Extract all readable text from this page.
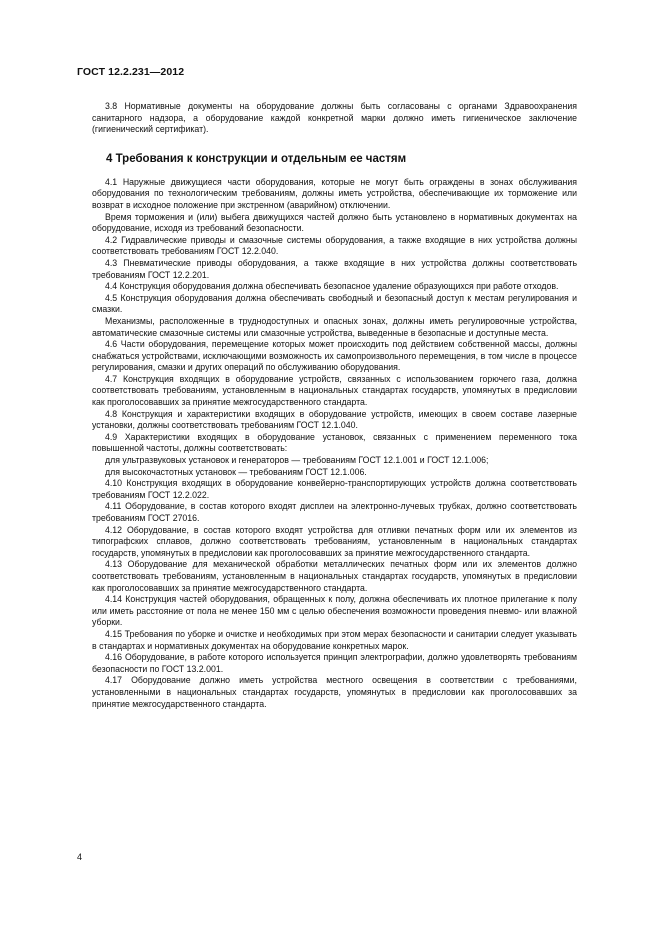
ГОСТ 12.2.231—2012

3.8 Нормативные документы на оборудование должны быть согласованы с органами Здравоохранения санитарного надзора, а оборудование каждой конкретной марки должно иметь гигиеническое заключение (гигиенический сертификат).

4 Требования к конструкции и отдельным ее частям

4.1 Наружные движущиеся части оборудования, которые не могут быть ограждены в зонах обслуживания оборудования по технологическим требованиям, должны иметь устройства, обеспечивающие их торможение или возврат в исходное положение при экстренном (аварийном) отключении.

Время торможения и (или) выбега движущихся частей должно быть установлено в нормативных документах на оборудование, исходя из требований безопасности.

4.2 Гидравлические приводы и смазочные системы оборудования, а также входящие в них устройства должны соответствовать требованиям ГОСТ 12.2.040.

4.3 Пневматические приводы оборудования, а также входящие в них устройства должны соответствовать требованиям ГОСТ 12.2.201.

4.4 Конструкция оборудования должна обеспечивать безопасное удаление образующихся при работе отходов.

4.5 Конструкция оборудования должна обеспечивать свободный и безопасный доступ к местам регулирования и смазки.

Механизмы, расположенные в труднодоступных и опасных зонах, должны иметь регулировочные устройства, автоматические смазочные системы или смазочные устройства, выведенные в безопасные и доступные места.

4.6 Части оборудования, перемещение которых может происходить под действием собственной массы, должны снабжаться устройствами, исключающими возможность их самопроизвольного перемещения, в том числе в процессе регулирования, смазки и других операций по обслуживанию оборудования.

4.7 Конструкция входящих в оборудование устройств, связанных с использованием горючего газа, должна соответствовать требованиям, установленным в национальных стандартах государств, упомянутых в предисловии как проголосовавших за принятие межгосударственного стандарта.

4.8 Конструкция и характеристики входящих в оборудование устройств, имеющих в своем составе лазерные установки, должны соответствовать требованиям ГОСТ 12.1.040.

4.9 Характеристики входящих в оборудование установок, связанных с применением переменного тока повышенной частоты, должны соответствовать:

для ультразвуковых установок и генераторов — требованиям ГОСТ 12.1.001 и ГОСТ 12.1.006;

для высокочастотных установок — требованиям ГОСТ 12.1.006.

4.10 Конструкция входящих в оборудование конвейерно-транспортирующих устройств должна соответствовать требованиям ГОСТ 12.2.022.

4.11 Оборудование, в состав которого входят дисплеи на электронно-лучевых трубках, должно соответствовать требованиям ГОСТ 27016.

4.12 Оборудование, в состав которого входят устройства для отливки печатных форм или их элементов из типографских сплавов, должно соответствовать требованиям, установленным в национальных стандартах государств, упомянутых в предисловии как проголосовавших за принятие межгосударственного стандарта.

4.13 Оборудование для механической обработки металлических печатных форм или их элементов должно соответствовать требованиям, установленным в национальных стандартах государств, упомянутых в предисловии как проголосовавших за принятие межгосударственного стандарта.

4.14 Конструкция частей оборудования, обращенных к полу, должна обеспечивать их плотное прилегание к полу или иметь расстояние от пола не менее 150 мм с целью обеспечения возможности проведения пневмо- или влажной уборки.

4.15 Требования по уборке и очистке и необходимых при этом мерах безопасности и санитарии следует указывать в стандартах и нормативных документах на оборудование конкретных марок.

4.16 Оборудование, в работе которого используется принцип электрографии, должно удовлетворять требованиям безопасности по ГОСТ 13.2.001.

4.17 Оборудование должно иметь устройства местного освещения в соответствии с требованиями, установленными в национальных стандартах государств, упомянутых в предисловии как проголосовавших за принятие межгосударственного стандарта.

4
